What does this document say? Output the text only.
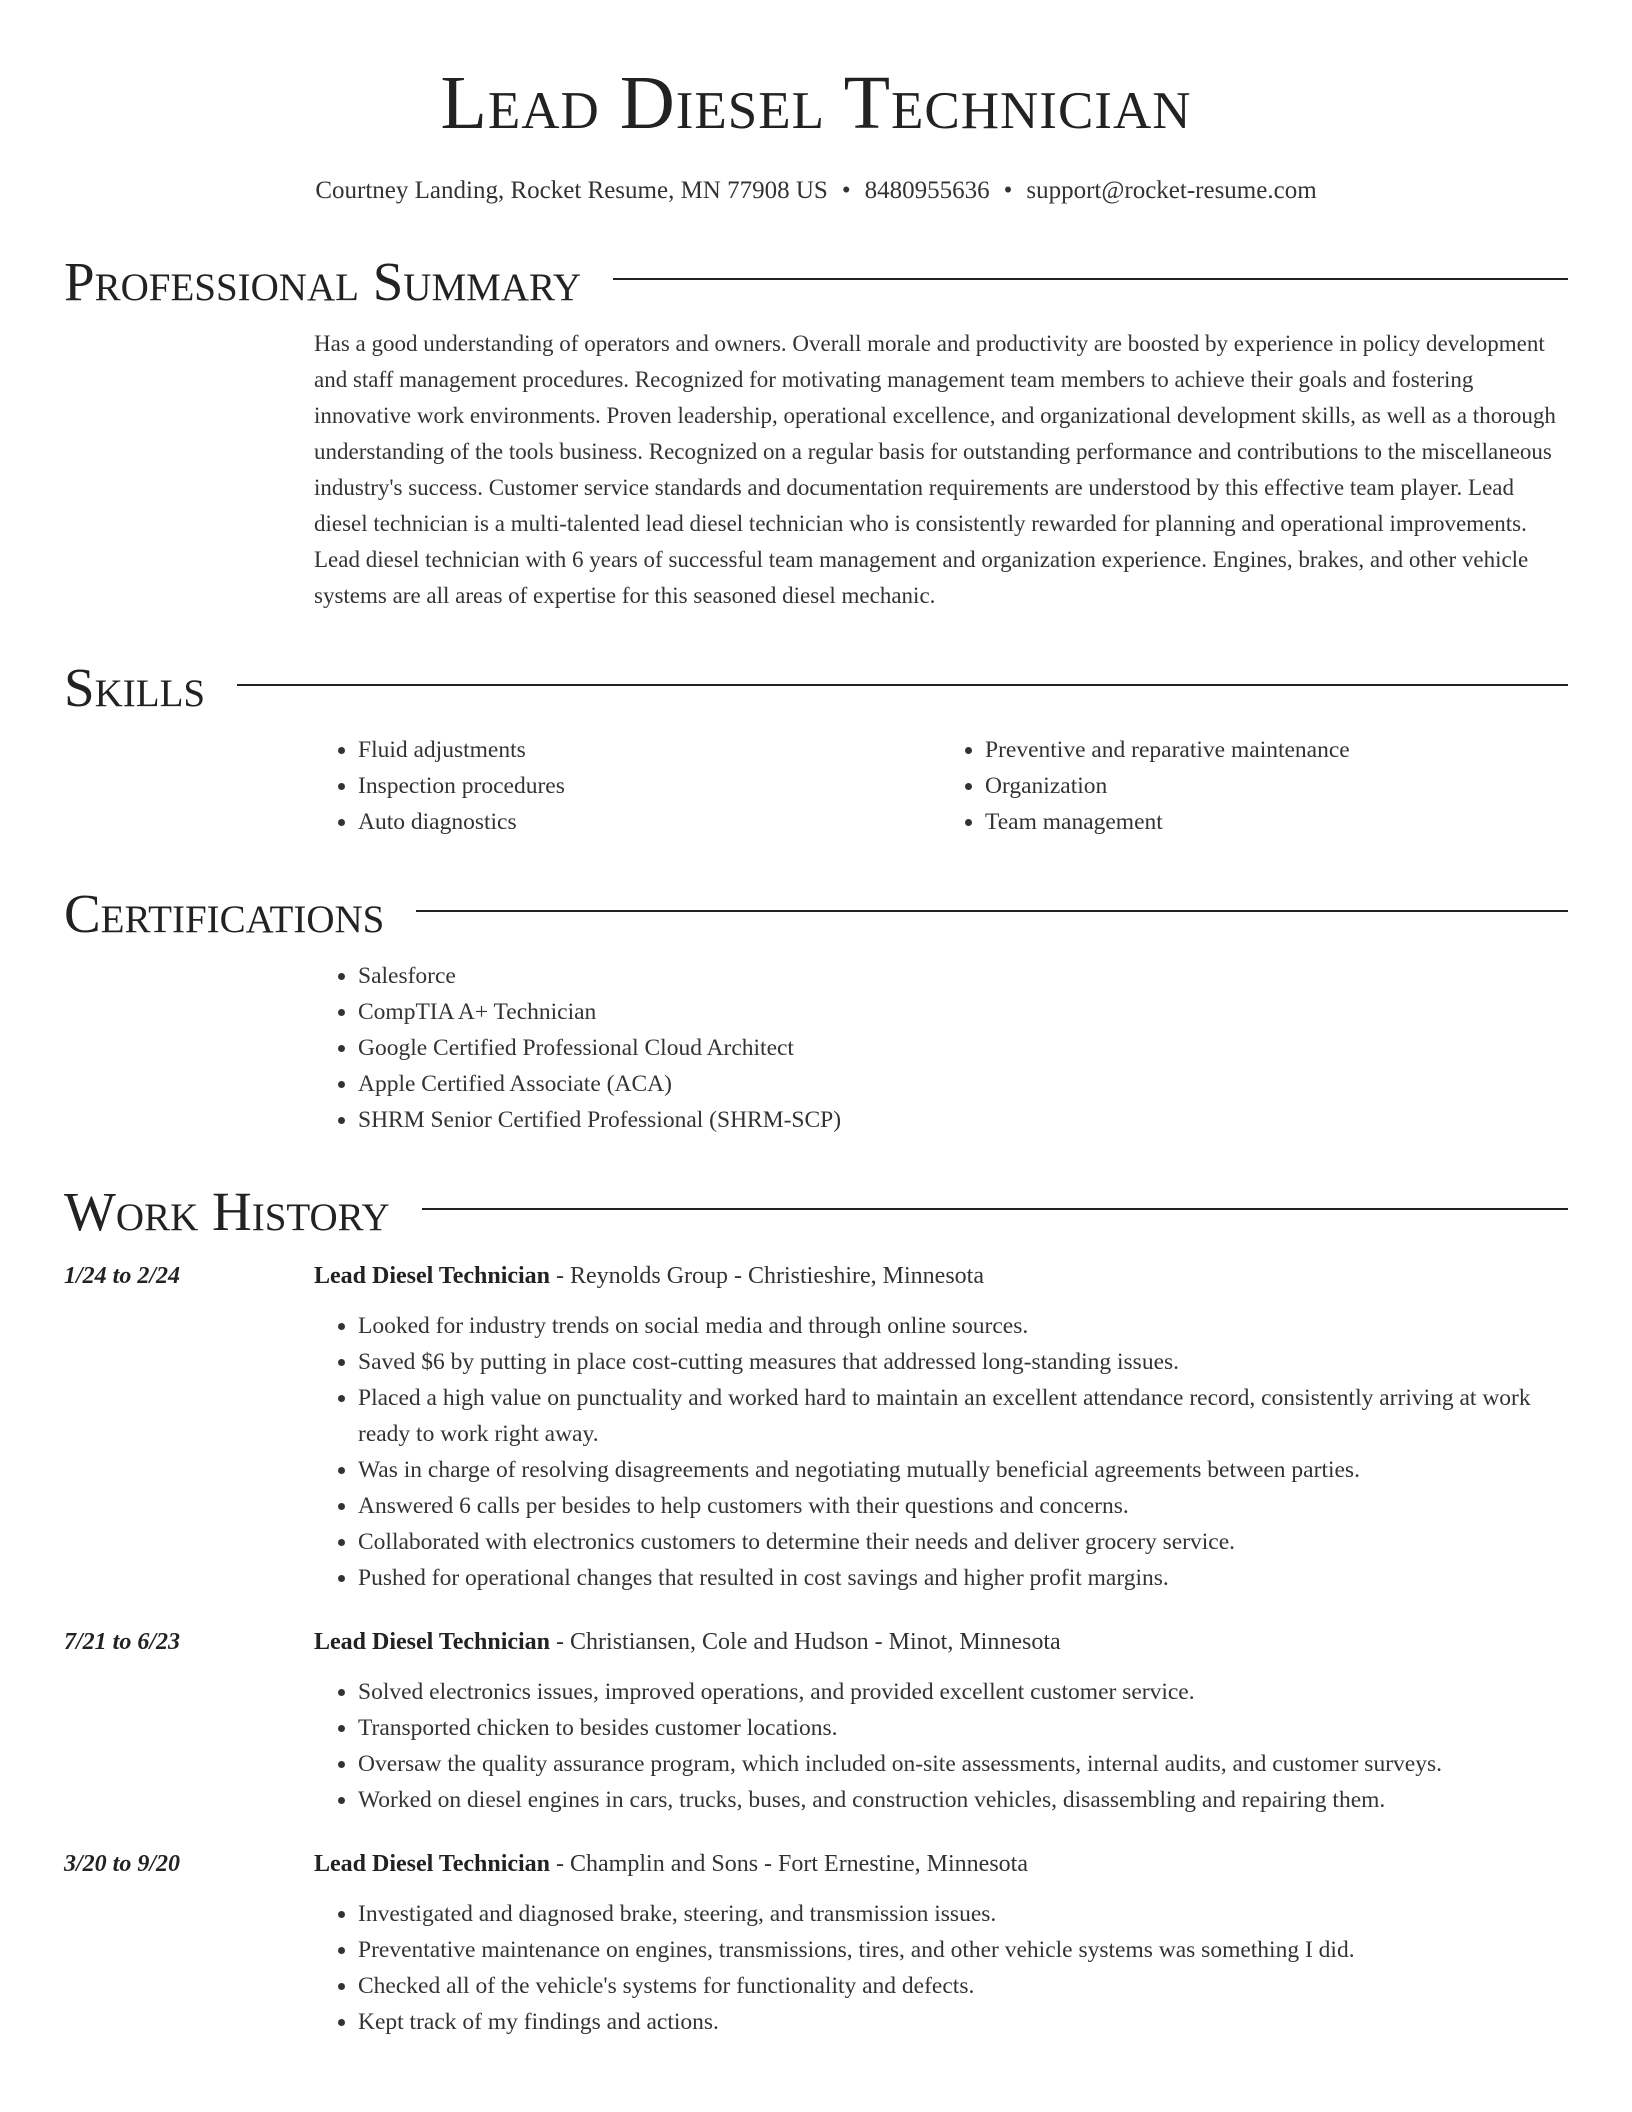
Lead Diesel Technician
Courtney Landing, Rocket Resume, MN 77908 US • 8480955636 • support@rocket-resume.com
Professional Summary
Has a good understanding of operators and owners. Overall morale and productivity are boosted by experience in policy development and staff management procedures. Recognized for motivating management team members to achieve their goals and fostering innovative work environments. Proven leadership, operational excellence, and organizational development skills, as well as a thorough understanding of the tools business. Recognized on a regular basis for outstanding performance and contributions to the miscellaneous industry's success. Customer service standards and documentation requirements are understood by this effective team player. Lead diesel technician is a multi-talented lead diesel technician who is consistently rewarded for planning and operational improvements. Lead diesel technician with 6 years of successful team management and organization experience. Engines, brakes, and other vehicle systems are all areas of expertise for this seasoned diesel mechanic.
Skills
• Fluid adjustments
• Inspection procedures
• Auto diagnostics
• Preventive and reparative maintenance
• Organization
• Team management
Certifications
• Salesforce
• CompTIA A+ Technician
• Google Certified Professional Cloud Architect
• Apple Certified Associate (ACA)
• SHRM Senior Certified Professional (SHRM-SCP)
Work History
1/24 to 2/24	Lead Diesel Technician - Reynolds Group - Christieshire, Minnesota
• Looked for industry trends on social media and through online sources.
• Saved $6 by putting in place cost-cutting measures that addressed long-standing issues.
• Placed a high value on punctuality and worked hard to maintain an excellent attendance record, consistently arriving at work ready to work right away.
• Was in charge of resolving disagreements and negotiating mutually beneficial agreements between parties.
• Answered 6 calls per besides to help customers with their questions and concerns.
• Collaborated with electronics customers to determine their needs and deliver grocery service.
• Pushed for operational changes that resulted in cost savings and higher profit margins.
7/21 to 6/23	Lead Diesel Technician - Christiansen, Cole and Hudson - Minot, Minnesota
• Solved electronics issues, improved operations, and provided excellent customer service.
• Transported chicken to besides customer locations.
• Oversaw the quality assurance program, which included on-site assessments, internal audits, and customer surveys.
• Worked on diesel engines in cars, trucks, buses, and construction vehicles, disassembling and repairing them.
3/20 to 9/20	Lead Diesel Technician - Champlin and Sons - Fort Ernestine, Minnesota
• Investigated and diagnosed brake, steering, and transmission issues.
• Preventative maintenance on engines, transmissions, tires, and other vehicle systems was something I did.
• Checked all of the vehicle's systems for functionality and defects.
• Kept track of my findings and actions.
